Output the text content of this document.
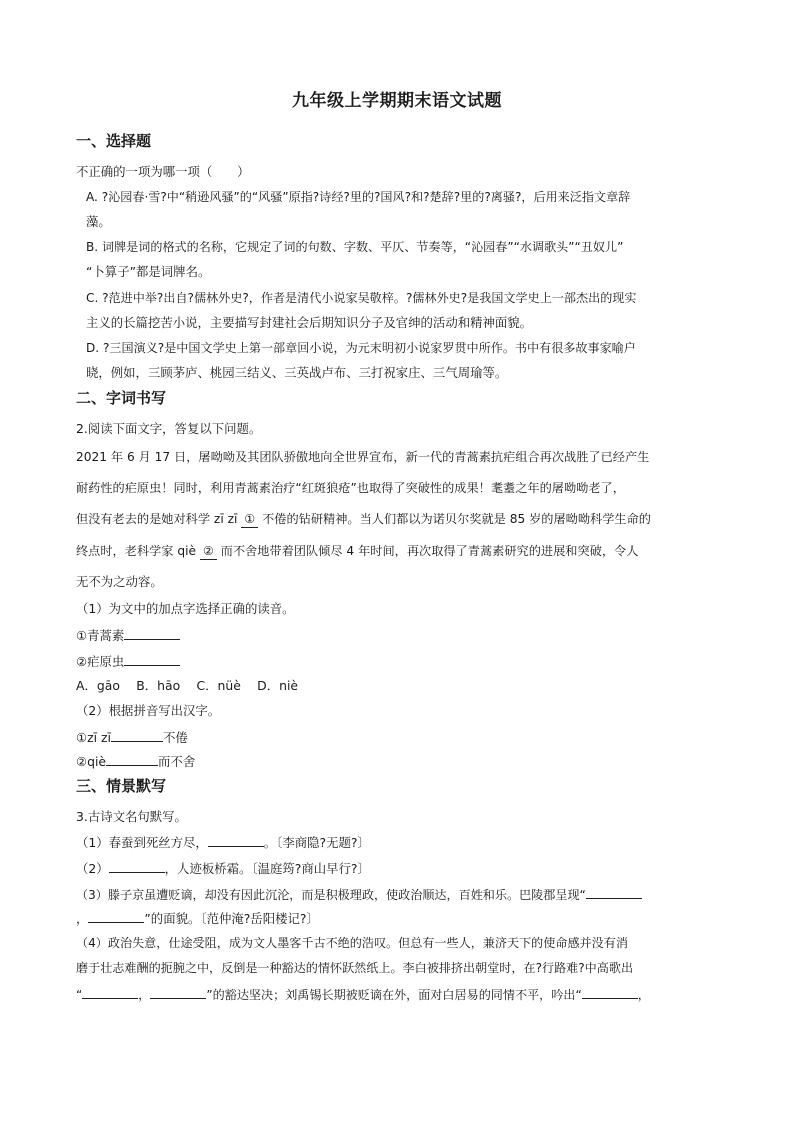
九年级上学期期末语文试题
一、选择题
不正确的一项为哪一项（　　）
A. ?沁园春·雪?中“稍逊风骚”的“风骚”原指?诗经?里的?国风?和?楚辞?里的?离骚?，后用来泛指文章辞
藻。
B. 词牌是词的格式的名称，它规定了词的句数、字数、平仄、节奏等，“沁园春”“水调歌头”“丑奴儿”
“卜算子”都是词牌名。
C. ?范进中举?出自?儒林外史?，作者是清代小说家吴敬梓。?儒林外史?是我国文学史上一部杰出的现实
主义的长篇挖苦小说，主要描写封建社会后期知识分子及官绅的活动和精神面貌。
D. ?三国演义?是中国文学史上第一部章回小说，为元末明初小说家罗贯中所作。书中有很多故事家喻户
晓，例如，三顾茅庐、桃园三结义、三英战卢布、三打祝家庄、三气周瑜等。
二、字词书写
2.阅读下面文字，答复以下问题。
2021 年 6 月 17 日，屠呦呦及其团队骄傲地向全世界宣布，新一代的青蒿素抗疟组合再次战胜了已经产生
耐药性的疟原虫！同时，利用青蒿素治疗“红斑狼疮”也取得了突破性的成果！耄耋之年的屠呦呦老了，
但没有老去的是她对科学 zī zī ① 不倦的钻研精神。当人们都以为诺贝尔奖就是 85 岁的屠呦呦科学生命的
终点时，老科学家 qiè ② 而不舍地带着团队倾尽 4 年时间，再次取得了青蒿素研究的进展和突破，令人
无不为之动容。
（1）为文中的加点字选择正确的读音。
①青蒿素
②疟原虫
A．gāo　 B．hāo　 C．nüè　 D．niè
（2）根据拼音写出汉字。
①zī zī	不倦
②qiè	而不舍
三、情景默写
3.古诗文名句默写。
（1）春蚕到死丝方尽，	。〔李商隐?无题?〕
（2）	，人迹板桥霜。〔温庭筠?商山早行?〕
（3）滕子京虽遭贬谪，却没有因此沉沦，而是积极理政，使政治顺达，百姓和乐。巴陵郡呈现“
，	”的面貌。〔范仲淹?岳阳楼记?〕
（4）政治失意，仕途受阻，成为文人墨客千古不绝的浩叹。但总有一些人，兼济天下的使命感并没有消
磨于壮志难酬的扼腕之中，反倒是一种豁达的情怀跃然纸上。李白被排挤出朝堂时，在?行路难?中高歌出
“	，	”的豁达坚决；刘禹锡长期被贬谪在外，面对白居易的同情不平，吟出“	，
